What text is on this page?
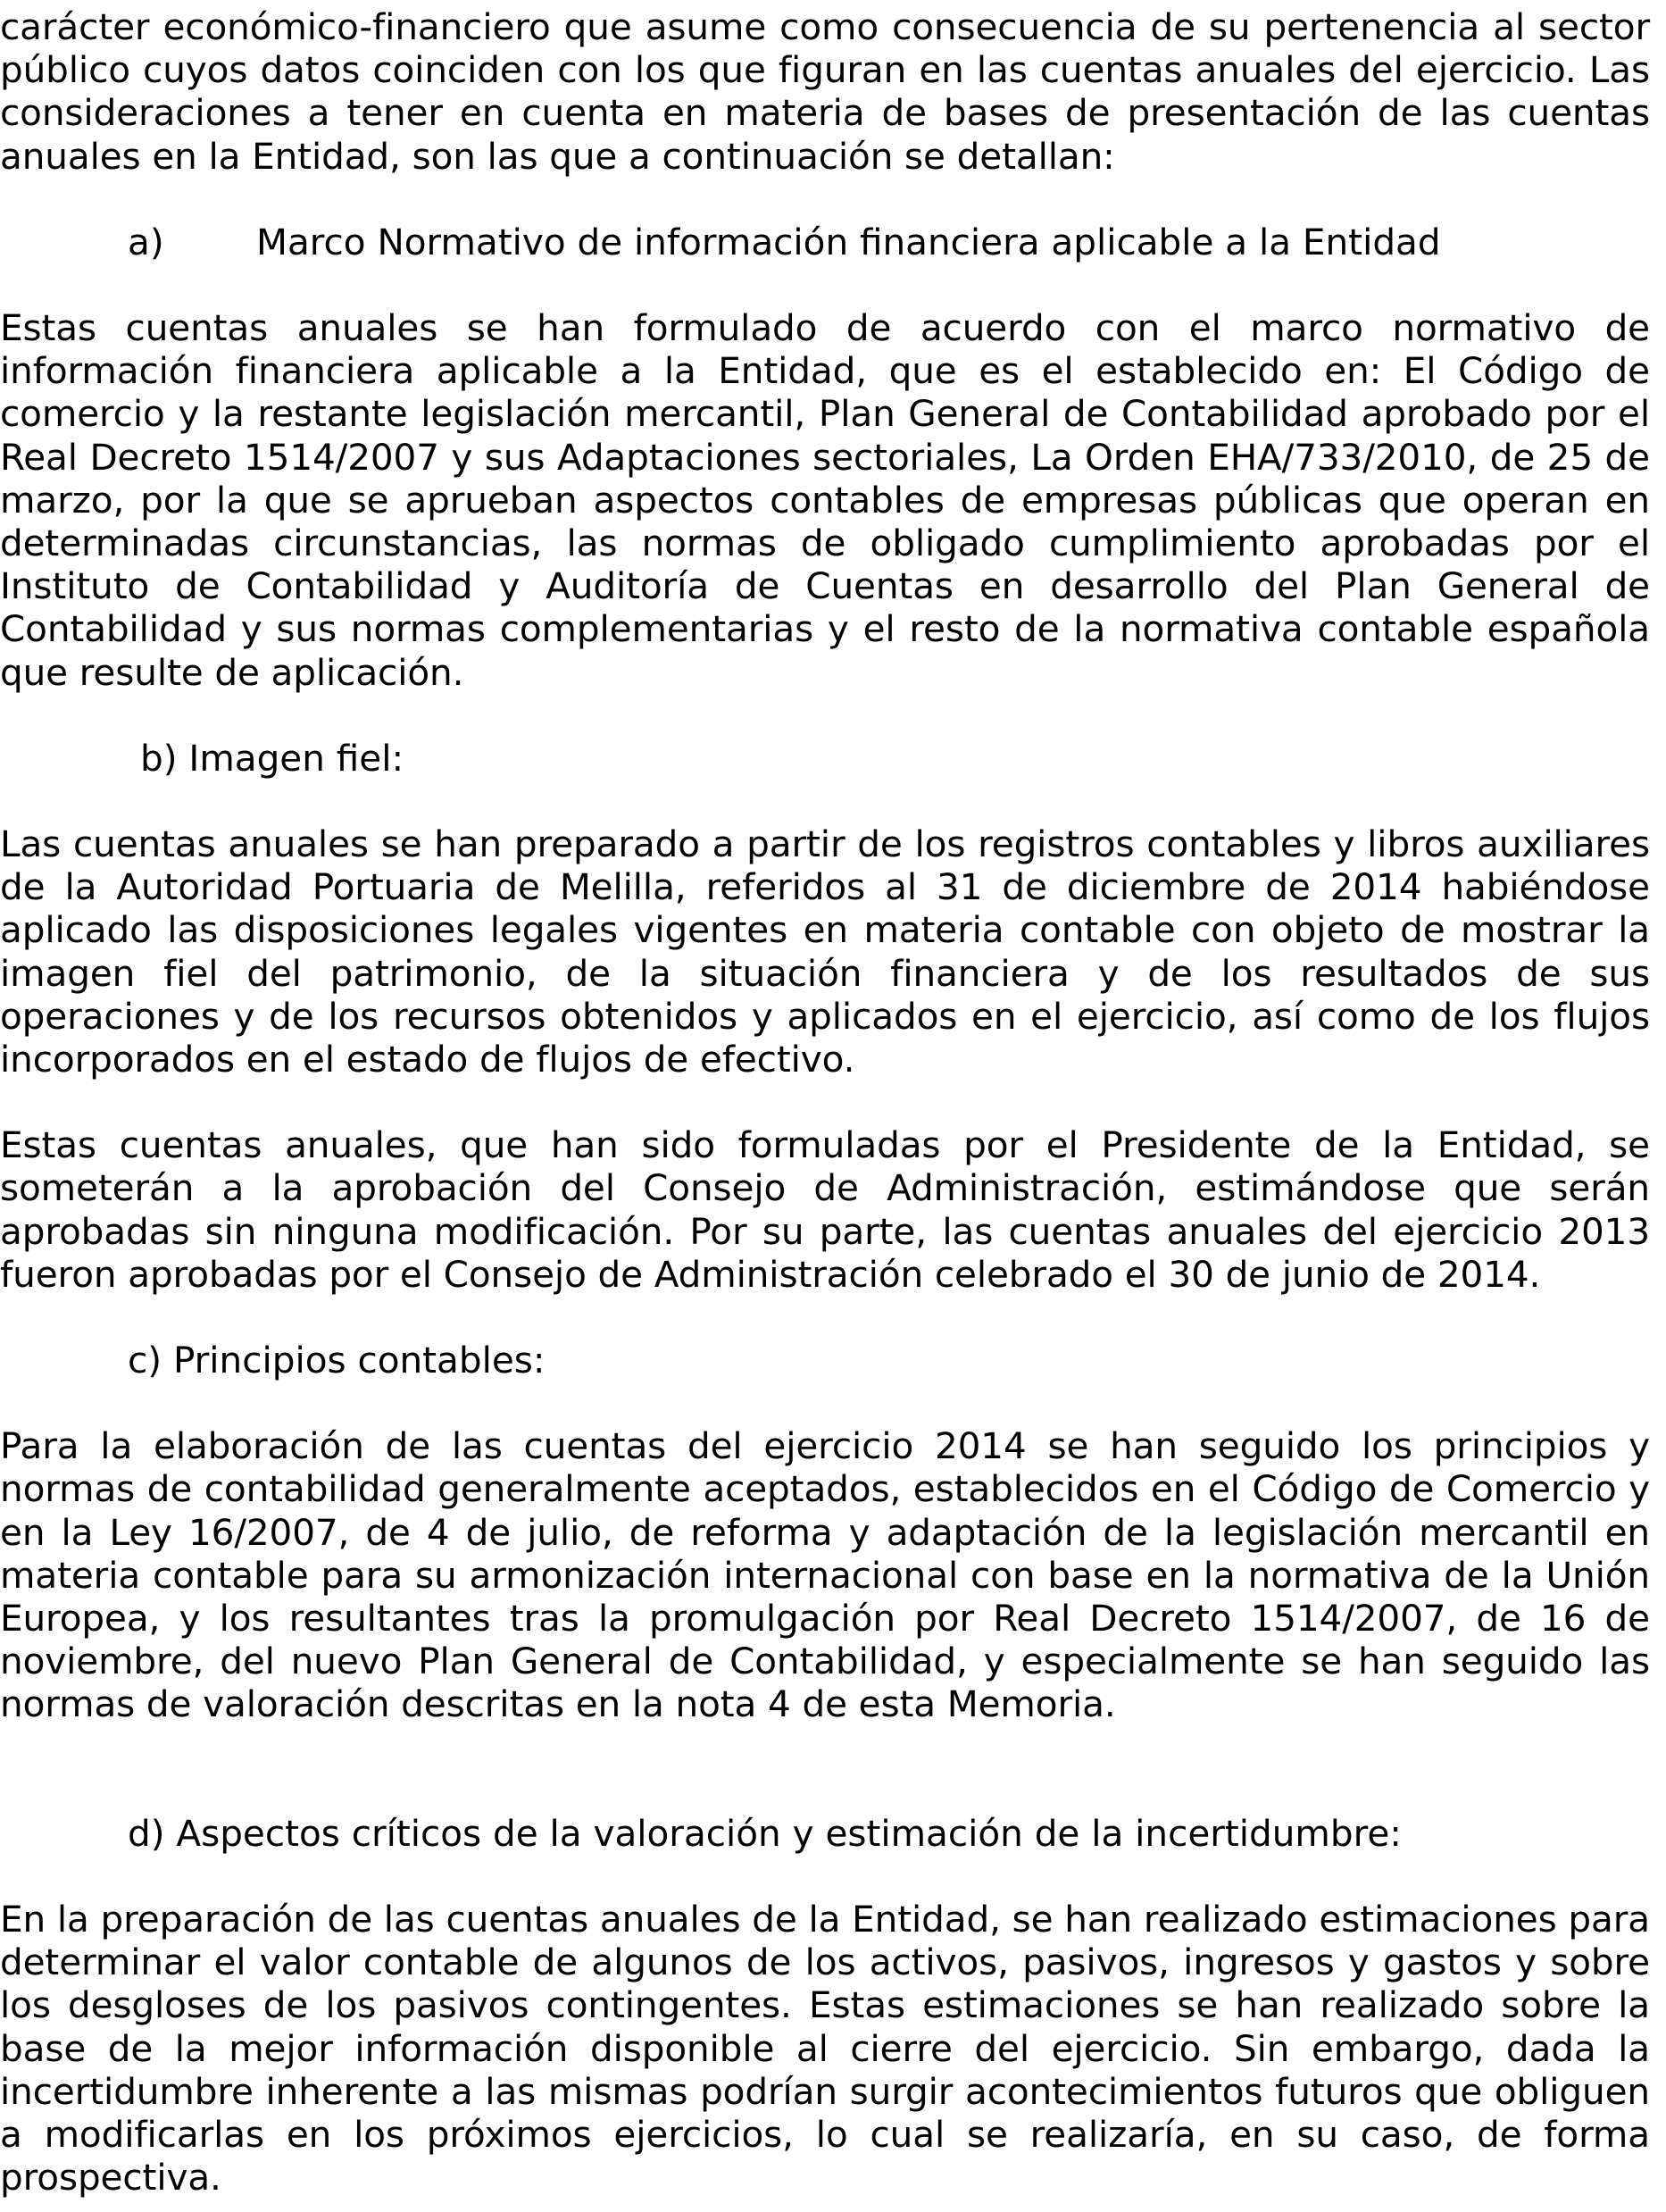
carácter económico-financiero que asume como consecuencia de su pertenencia al sector público cuyos datos coinciden con los que figuran en las cuentas anuales del ejercicio. Las consideraciones a tener en cuenta en materia de bases de presentación de las cuentas anuales en la Entidad, son las que a continuación se detallan:

a)	Marco Normativo de información financiera aplicable a la Entidad

Estas cuentas anuales se han formulado de acuerdo con el marco normativo de información financiera aplicable a la Entidad, que es el establecido en: El Código de comercio y la restante legislación mercantil, Plan General de Contabilidad aprobado por el Real Decreto 1514/2007 y sus Adaptaciones sectoriales, La Orden EHA/733/2010, de 25 de marzo, por la que se aprueban aspectos contables de empresas públicas que operan en determinadas circunstancias, las normas de obligado cumplimiento aprobadas por el Instituto de Contabilidad y Auditoría de Cuentas en desarrollo del Plan General de Contabilidad y sus normas complementarias y el resto de la normativa contable española que resulte de aplicación.

b) Imagen fiel:

Las cuentas anuales se han preparado a partir de los registros contables y libros auxiliares de la Autoridad Portuaria de Melilla, referidos al 31 de diciembre de 2014 habiéndose aplicado las disposiciones legales vigentes en materia contable con objeto de mostrar la imagen fiel del patrimonio, de la situación financiera y de los resultados de sus operaciones y de los recursos obtenidos y aplicados en el ejercicio, así como de los flujos incorporados en el estado de flujos de efectivo.

Estas cuentas anuales, que han sido formuladas por el Presidente de la Entidad, se someterán a la aprobación del Consejo de Administración, estimándose que serán aprobadas sin ninguna modificación. Por su parte, las cuentas anuales del ejercicio 2013 fueron aprobadas por el Consejo de Administración celebrado el 30 de junio de 2014.

c) Principios contables:

Para la elaboración de las cuentas del ejercicio 2014 se han seguido los principios y normas de contabilidad generalmente aceptados, establecidos en el Código de Comercio y en la Ley 16/2007, de 4 de julio, de reforma y adaptación de la legislación mercantil en materia contable para su armonización internacional con base en la normativa de la Unión Europea, y los resultantes tras la promulgación por Real Decreto 1514/2007, de 16 de noviembre, del nuevo Plan General de Contabilidad, y especialmente se han seguido las normas de valoración descritas en la nota 4 de esta Memoria.

d) Aspectos críticos de la valoración y estimación de la incertidumbre:

En la preparación de las cuentas anuales de la Entidad, se han realizado estimaciones para determinar el valor contable de algunos de los activos, pasivos, ingresos y gastos y sobre los desgloses de los pasivos contingentes. Estas estimaciones se han realizado sobre la base de la mejor información disponible al cierre del ejercicio. Sin embargo, dada la incertidumbre inherente a las mismas podrían surgir acontecimientos futuros que obliguen a modificarlas en los próximos ejercicios, lo cual se realizaría, en su caso, de forma prospectiva.
